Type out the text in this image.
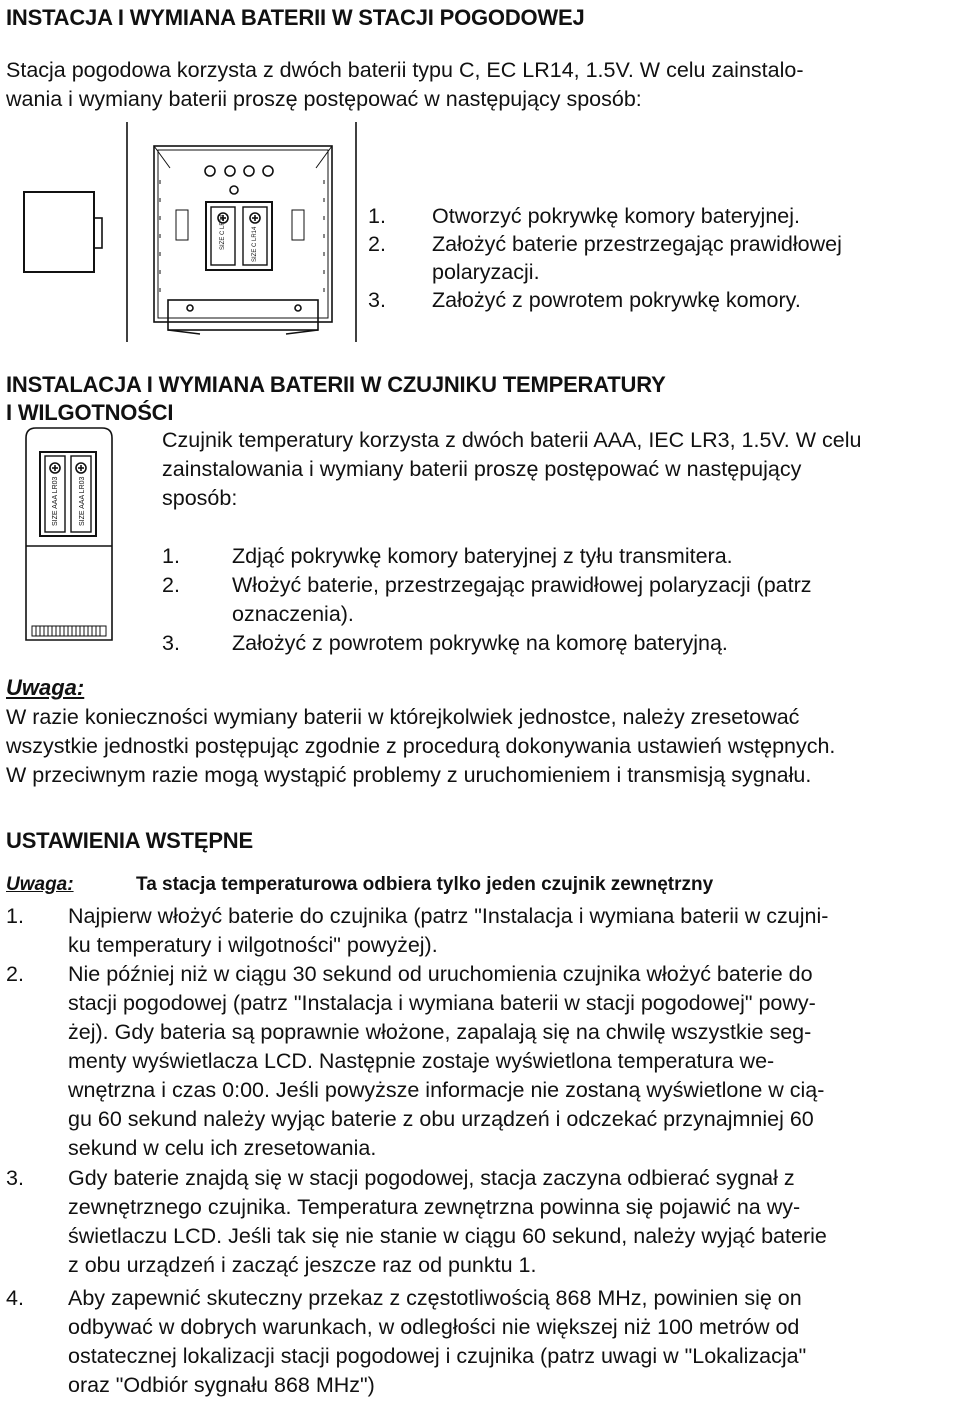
INSTACJA I WYMIANA BATERII W STACJI POGODOWEJ
Stacja pogodowa korzysta z dwóch baterii typu C, EC LR14, 1.5V. W celu zainstalo-
wania i wymiany baterii proszę postępować w następujący sposób:
SIZE C LR14	SIZE C LR14
1. Otworzyć pokrywkę komory bateryjnej.
2. Założyć baterie przestrzegając prawidłowej
polaryzacji.
3. Założyć z powrotem pokrywkę komory.
INSTALACJA I WYMIANA BATERII W CZUJNIKU TEMPERATURY
I WILGOTNOŚCI
Czujnik temperatury korzysta z dwóch baterii AAA, IEC LR3, 1.5V. W celu
zainstalowania i wymiany baterii proszę postępować w następujący
sposób:
SIZE AAA LR03	SIZE AAA LR03
1. Zdjąć pokrywkę komory bateryjnej z tyłu transmitera.
2. Włożyć baterie, przestrzegając prawidłowej polaryzacji (patrz
oznaczenia).
3. Założyć z powrotem pokrywkę na komorę bateryjną.
Uwaga:
W razie konieczności wymiany baterii w którejkolwiek jednostce, należy zresetować
wszystkie jednostki postępując zgodnie z procedurą dokonywania ustawień wstępnych.
W przeciwnym razie mogą wystąpić problemy z uruchomieniem i transmisją sygnału.
USTAWIENIA WSTĘPNE
Uwaga:	Ta stacja temperaturowa odbiera tylko jeden czujnik zewnętrzny
1. Najpierw włożyć baterie do czujnika (patrz "Instalacja i wymiana baterii w czujni-
ku temperatury i wilgotności" powyżej).
2. Nie później niż w ciągu 30 sekund od uruchomienia czujnika włożyć baterie do
stacji pogodowej (patrz "Instalacja i wymiana baterii w stacji pogodowej" powy-
żej). Gdy bateria są poprawnie włożone, zapalają się na chwilę wszystkie seg-
menty wyświetlacza LCD. Następnie zostaje wyświetlona temperatura we-
wnętrzna i czas 0:00. Jeśli powyższe informacje nie zostaną wyświetlone w cią-
gu 60 sekund należy wyjąc baterie z obu urządzeń i odczekać przynajmniej 60
sekund w celu ich zresetowania.
3. Gdy baterie znajdą się w stacji pogodowej, stacja zaczyna odbierać sygnał z
zewnętrznego czujnika. Temperatura zewnętrzna powinna się pojawić na wy-
świetlaczu LCD. Jeśli tak się nie stanie w ciągu 60 sekund, należy wyjąć baterie
z obu urządzeń i zacząć jeszcze raz od punktu 1.
4. Aby zapewnić skuteczny przekaz z częstotliwością 868 MHz, powinien się on
odbywać w dobrych warunkach, w odległości nie większej niż 100 metrów od
ostatecznej lokalizacji stacji pogodowej i czujnika (patrz uwagi w "Lokalizacja"
oraz "Odbiór sygnału 868 MHz")
